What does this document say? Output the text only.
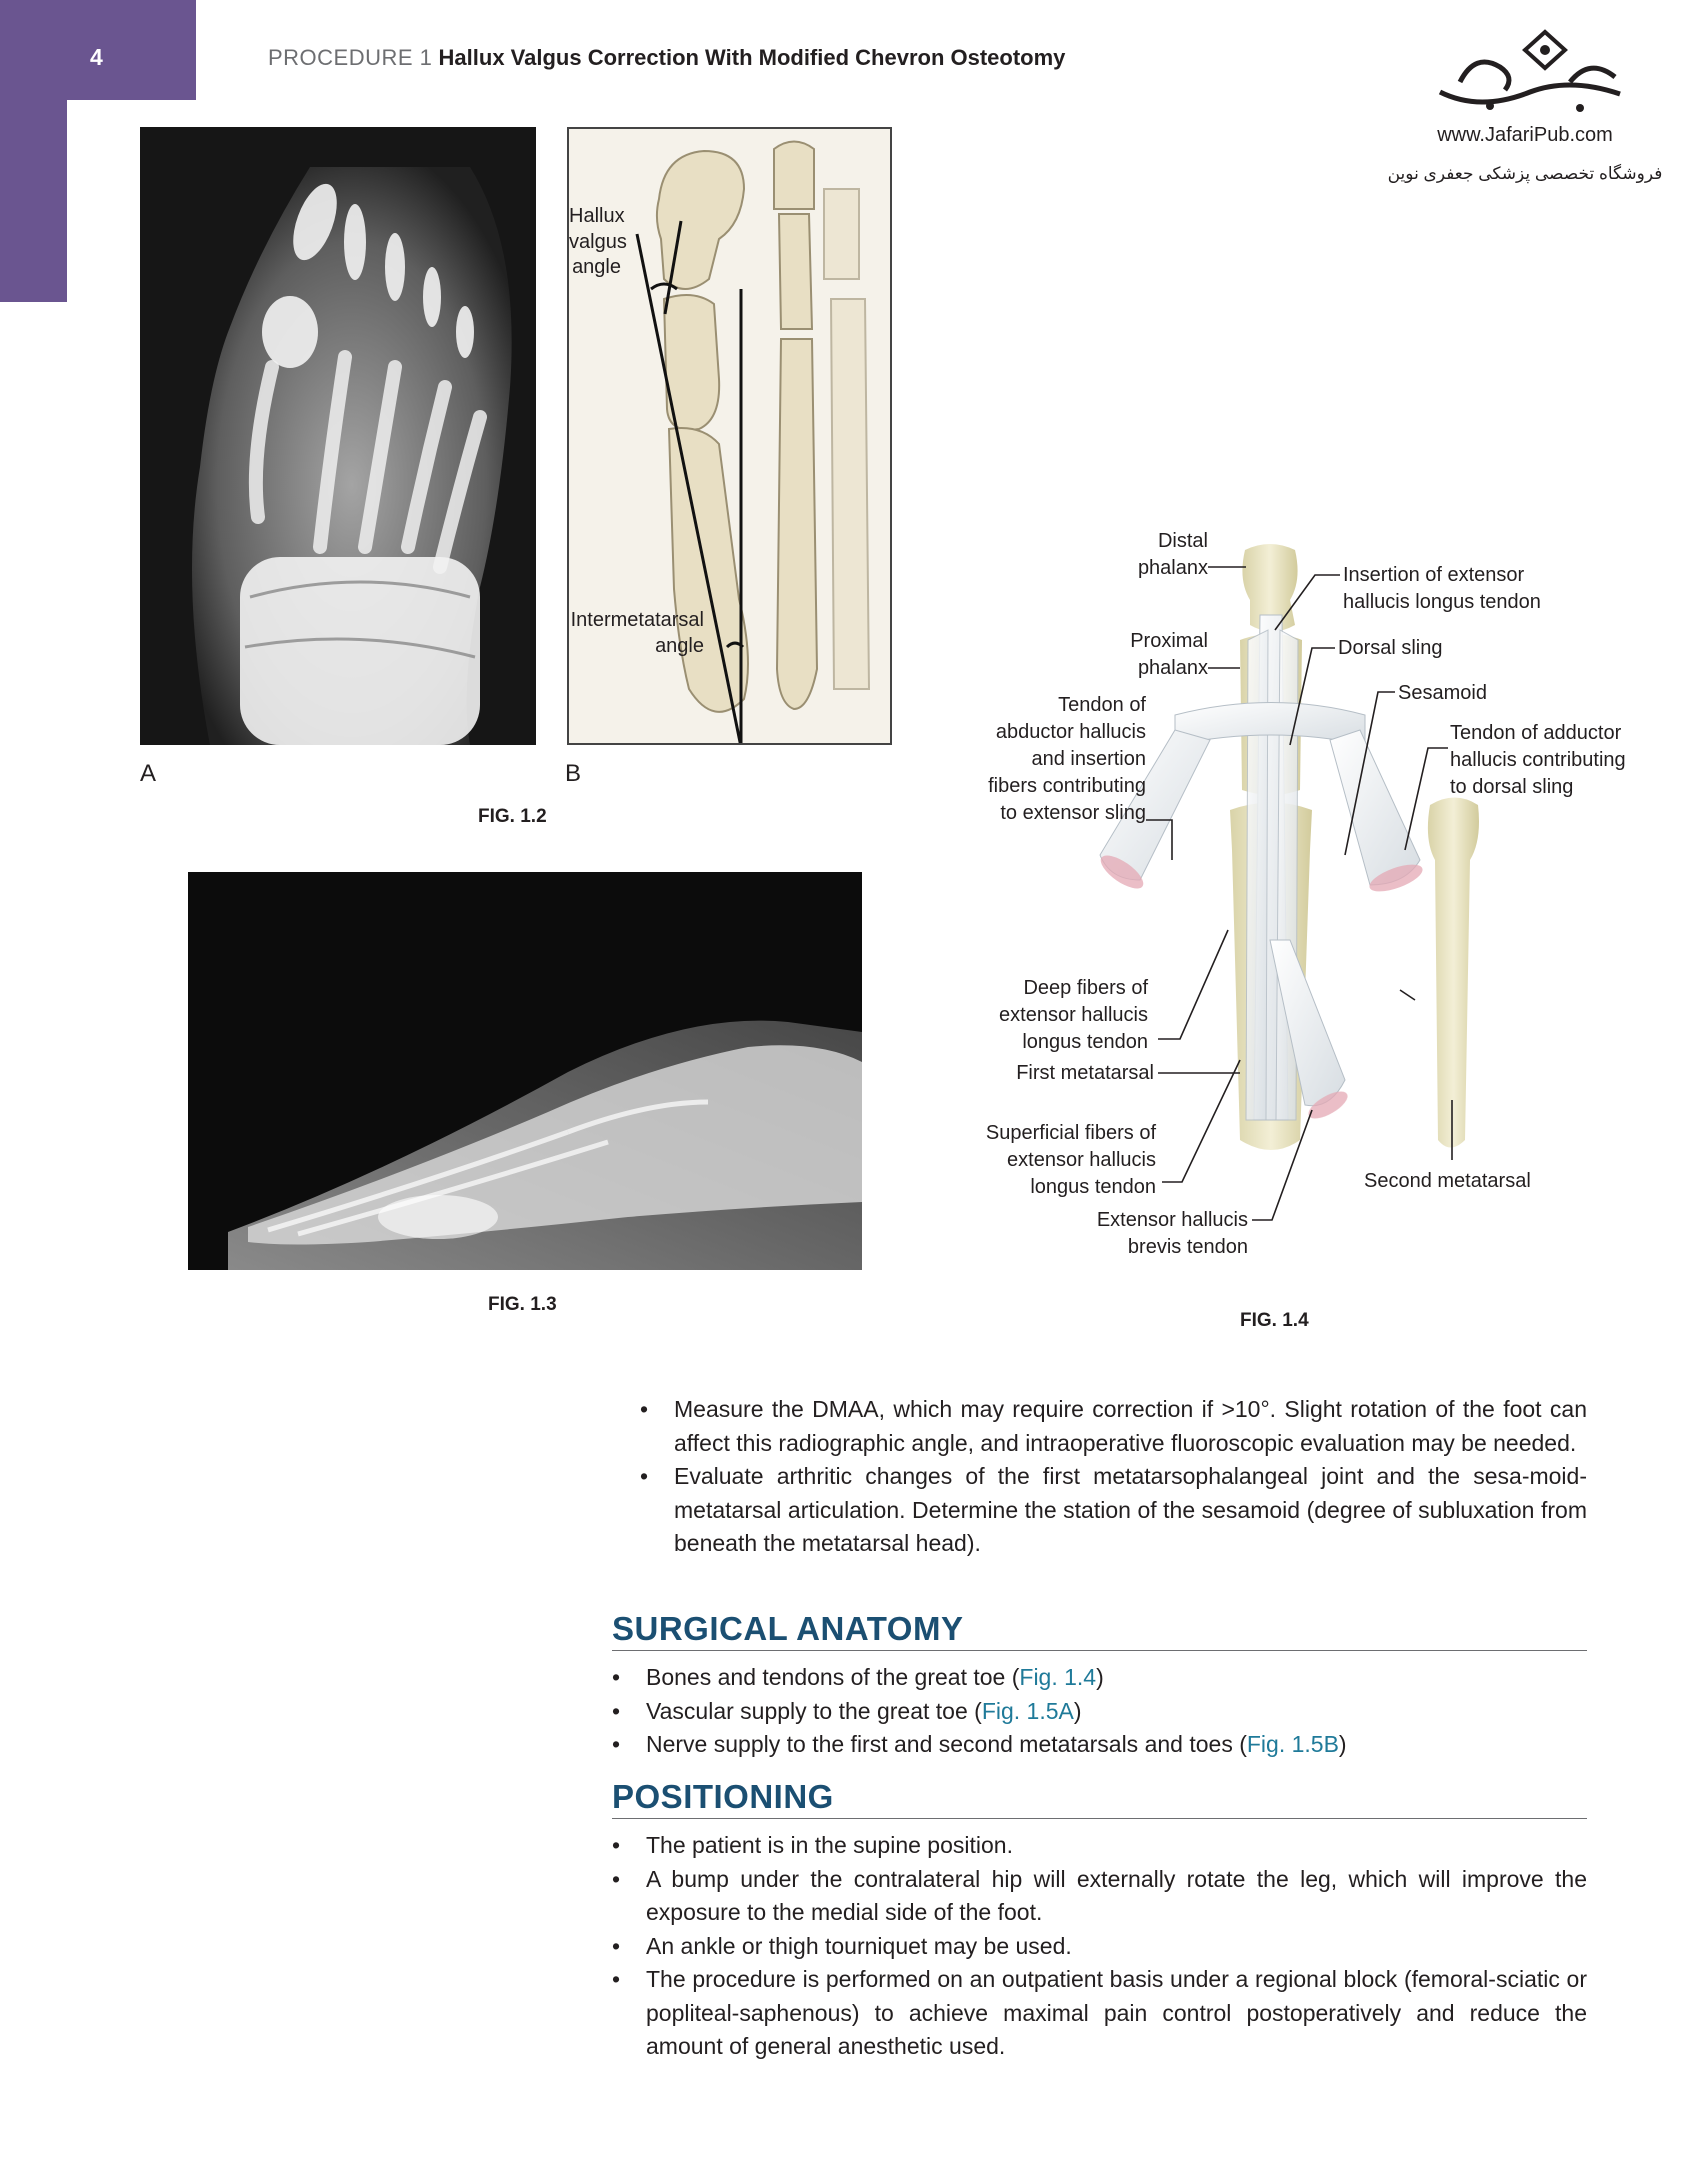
4	PROCEDURE 1 Hallux Valgus Correction With Modified Chevron Osteotomy
www.JafariPub.com
فروشگاه تخصصی پزشکی جعفری نوین
Hallux
valgus
angle
Intermetatarsal
angle
A	B
FIG. 1.2
FIG. 1.3
Distal
phalanx
Proximal
phalanx
Tendon of
abductor hallucis
and insertion
fibers contributing
to extensor sling
Insertion of extensor
hallucis longus tendon
Dorsal sling
Sesamoid
Tendon of adductor
hallucis contributing
to dorsal sling
Deep fibers of
extensor hallucis
longus tendon
First metatarsal
Superficial fibers of
extensor hallucis
longus tendon
Extensor hallucis
brevis tendon
Second metatarsal
FIG. 1.4
• Measure the DMAA, which may require correction if >10°. Slight rotation of the foot can affect this radiographic angle, and intraoperative fluoroscopic evaluation may be needed.
• Evaluate arthritic changes of the first metatarsophalangeal joint and the sesa-moid-metatarsal articulation. Determine the station of the sesamoid (degree of subluxation from beneath the metatarsal head).
SURGICAL ANATOMY
• Bones and tendons of the great toe (Fig. 1.4)
• Vascular supply to the great toe (Fig. 1.5A)
• Nerve supply to the first and second metatarsals and toes (Fig. 1.5B)
POSITIONING
• The patient is in the supine position.
• A bump under the contralateral hip will externally rotate the leg, which will improve the exposure to the medial side of the foot.
• An ankle or thigh tourniquet may be used.
• The procedure is performed on an outpatient basis under a regional block (femoral-sciatic or popliteal-saphenous) to achieve maximal pain control postoperatively and reduce the amount of general anesthetic used.
